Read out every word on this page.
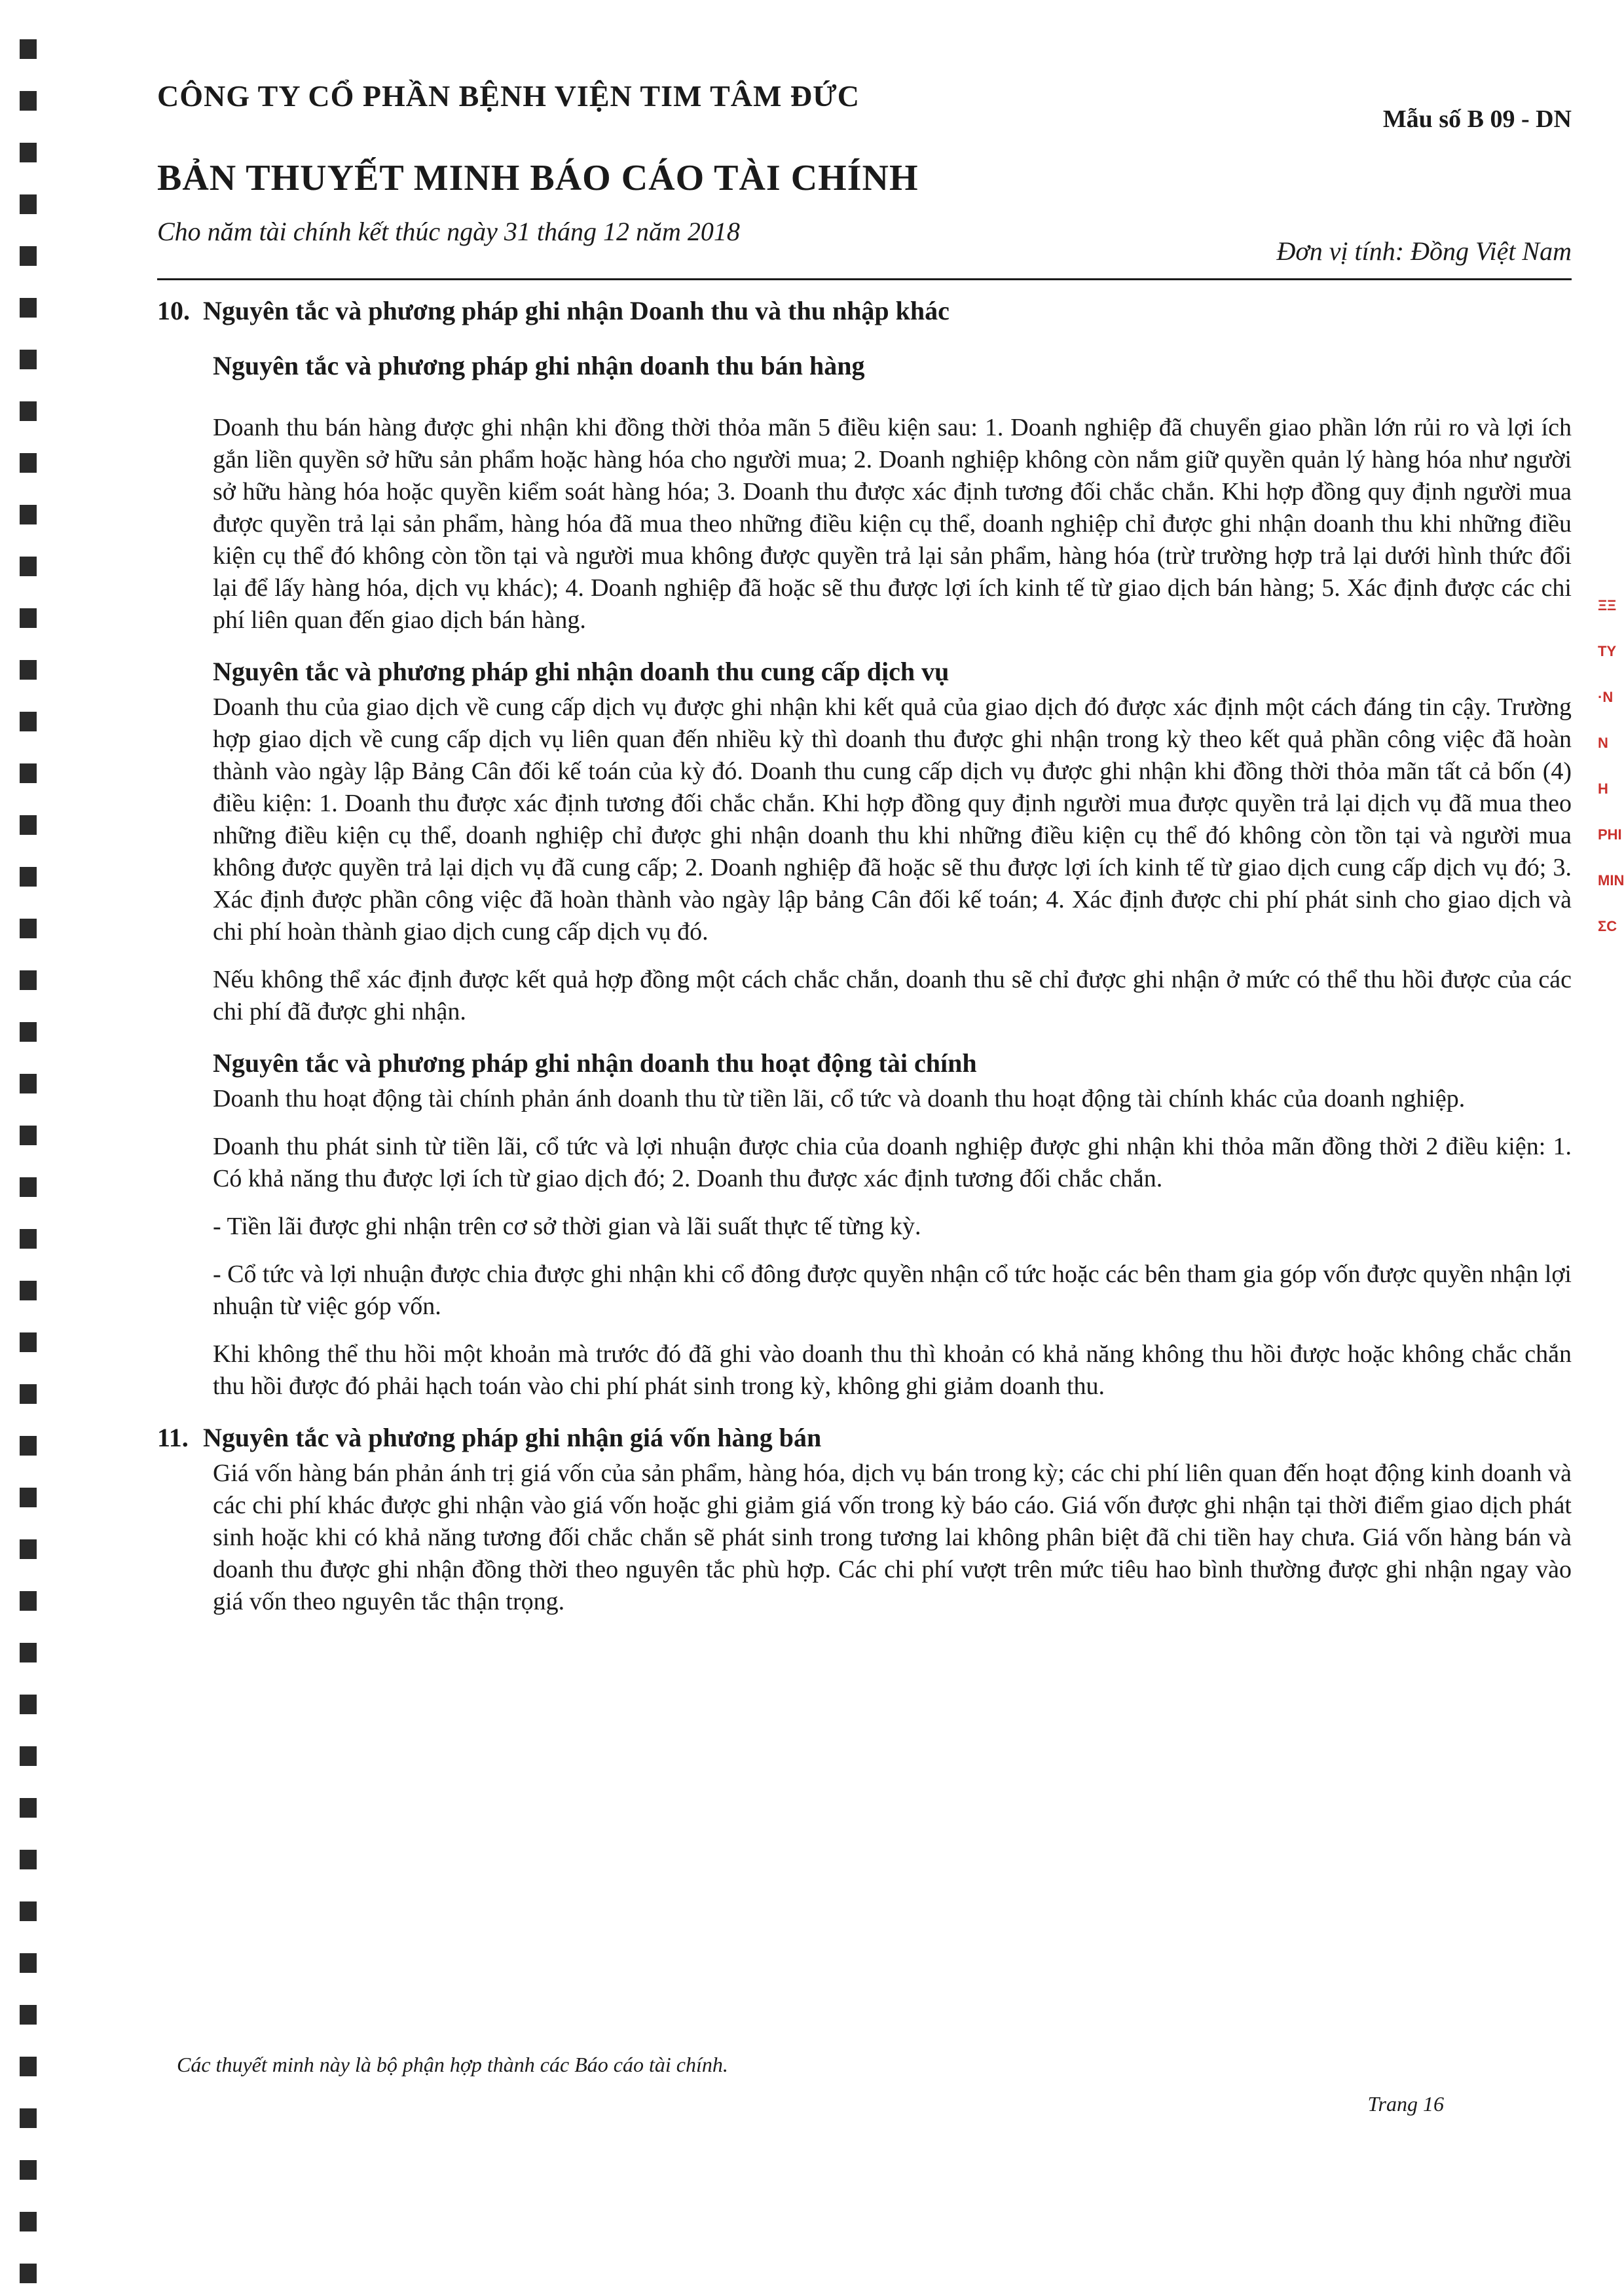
CÔNG TY CỔ PHẦN BỆNH VIỆN TIM TÂM ĐỨC
Mẫu số B 09 - DN
BẢN THUYẾT MINH BÁO CÁO TÀI CHÍNH
Cho năm tài chính kết thúc ngày 31 tháng 12 năm 2018
Đơn vị tính: Đồng Việt Nam

10. Nguyên tắc và phương pháp ghi nhận Doanh thu và thu nhập khác

Nguyên tắc và phương pháp ghi nhận doanh thu bán hàng

Doanh thu bán hàng được ghi nhận khi đồng thời thỏa mãn 5 điều kiện sau: 1. Doanh nghiệp đã chuyển giao phần lớn rủi ro và lợi ích gắn liền quyền sở hữu sản phẩm hoặc hàng hóa cho người mua; 2. Doanh nghiệp không còn nắm giữ quyền quản lý hàng hóa như người sở hữu hàng hóa hoặc quyền kiểm soát hàng hóa; 3. Doanh thu được xác định tương đối chắc chắn. Khi hợp đồng quy định người mua được quyền trả lại sản phẩm, hàng hóa đã mua theo những điều kiện cụ thể, doanh nghiệp chỉ được ghi nhận doanh thu khi những điều kiện cụ thể đó không còn tồn tại và người mua không được quyền trả lại sản phẩm, hàng hóa (trừ trường hợp trả lại dưới hình thức đổi lại để lấy hàng hóa, dịch vụ khác); 4. Doanh nghiệp đã hoặc sẽ thu được lợi ích kinh tế từ giao dịch bán hàng; 5. Xác định được các chi phí liên quan đến giao dịch bán hàng.

Nguyên tắc và phương pháp ghi nhận doanh thu cung cấp dịch vụ

Doanh thu của giao dịch về cung cấp dịch vụ được ghi nhận khi kết quả của giao dịch đó được xác định một cách đáng tin cậy. Trường hợp giao dịch về cung cấp dịch vụ liên quan đến nhiều kỳ thì doanh thu được ghi nhận trong kỳ theo kết quả phần công việc đã hoàn thành vào ngày lập Bảng Cân đối kế toán của kỳ đó. Doanh thu cung cấp dịch vụ được ghi nhận khi đồng thời thỏa mãn tất cả bốn (4) điều kiện: 1. Doanh thu được xác định tương đối chắc chắn. Khi hợp đồng quy định người mua được quyền trả lại dịch vụ đã mua theo những điều kiện cụ thể, doanh nghiệp chỉ được ghi nhận doanh thu khi những điều kiện cụ thể đó không còn tồn tại và người mua không được quyền trả lại dịch vụ đã cung cấp; 2. Doanh nghiệp đã hoặc sẽ thu được lợi ích kinh tế từ giao dịch cung cấp dịch vụ đó; 3. Xác định được phần công việc đã hoàn thành vào ngày lập bảng Cân đối kế toán; 4. Xác định được chi phí phát sinh cho giao dịch và chi phí hoàn thành giao dịch cung cấp dịch vụ đó.

Nếu không thể xác định được kết quả hợp đồng một cách chắc chắn, doanh thu sẽ chỉ được ghi nhận ở mức có thể thu hồi được của các chi phí đã được ghi nhận.

Nguyên tắc và phương pháp ghi nhận doanh thu hoạt động tài chính

Doanh thu hoạt động tài chính phản ánh doanh thu từ tiền lãi, cổ tức và doanh thu hoạt động tài chính khác của doanh nghiệp.

Doanh thu phát sinh từ tiền lãi, cổ tức và lợi nhuận được chia của doanh nghiệp được ghi nhận khi thỏa mãn đồng thời 2 điều kiện: 1. Có khả năng thu được lợi ích từ giao dịch đó; 2. Doanh thu được xác định tương đối chắc chắn.

- Tiền lãi được ghi nhận trên cơ sở thời gian và lãi suất thực tế từng kỳ.

- Cổ tức và lợi nhuận được chia được ghi nhận khi cổ đông được quyền nhận cổ tức hoặc các bên tham gia góp vốn được quyền nhận lợi nhuận từ việc góp vốn.

Khi không thể thu hồi một khoản mà trước đó đã ghi vào doanh thu thì khoản có khả năng không thu hồi được hoặc không chắc chắn thu hồi được đó phải hạch toán vào chi phí phát sinh trong kỳ, không ghi giảm doanh thu.

11. Nguyên tắc và phương pháp ghi nhận giá vốn hàng bán

Giá vốn hàng bán phản ánh trị giá vốn của sản phẩm, hàng hóa, dịch vụ bán trong kỳ; các chi phí liên quan đến hoạt động kinh doanh và các chi phí khác được ghi nhận vào giá vốn hoặc ghi giảm giá vốn trong kỳ báo cáo. Giá vốn được ghi nhận tại thời điểm giao dịch phát sinh hoặc khi có khả năng tương đối chắc chắn sẽ phát sinh trong tương lai không phân biệt đã chi tiền hay chưa. Giá vốn hàng bán và doanh thu được ghi nhận đồng thời theo nguyên tắc phù hợp. Các chi phí vượt trên mức tiêu hao bình thường được ghi nhận ngay vào giá vốn theo nguyên tắc thận trọng.

Các thuyết minh này là bộ phận hợp thành các Báo cáo tài chính.
Trang 16
ΞΞ
TY
·N
N H
PHI
MIN
ΣC
